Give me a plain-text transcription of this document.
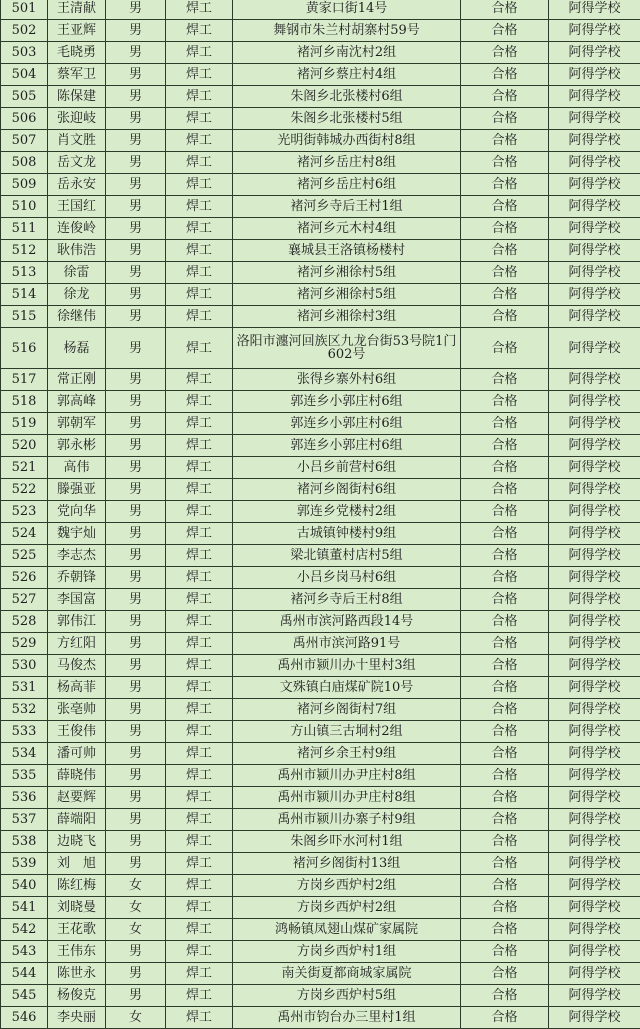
501	王清献	男	焊工	黄家口街14号	合格	阿得学校
502	王亚辉	男	焊工	舞钢市朱兰村胡寨村59号	合格	阿得学校
503	毛晓勇	男	焊工	褚河乡南沈村2组	合格	阿得学校
504	蔡军卫	男	焊工	褚河乡蔡庄村4组	合格	阿得学校
505	陈保建	男	焊工	朱阁乡北张楼村6组	合格	阿得学校
506	张迎岐	男	焊工	朱阁乡北张楼村5组	合格	阿得学校
507	肖文胜	男	焊工	光明街韩城办西街村8组	合格	阿得学校
508	岳文龙	男	焊工	褚河乡岳庄村8组	合格	阿得学校
509	岳永安	男	焊工	褚河乡岳庄村6组	合格	阿得学校
510	王国红	男	焊工	褚河乡寺后王村1组	合格	阿得学校
511	连俊岭	男	焊工	褚河乡元木村4组	合格	阿得学校
512	耿伟浩	男	焊工	襄城县王洛镇杨楼村	合格	阿得学校
513	徐雷	男	焊工	褚河乡湘徐村5组	合格	阿得学校
514	徐龙	男	焊工	褚河乡湘徐村5组	合格	阿得学校
515	徐继伟	男	焊工	褚河乡湘徐村3组	合格	阿得学校
516	杨磊	男	焊工	洛阳市瀍河回族区九龙台街53号院1门602号	合格	阿得学校
517	常正刚	男	焊工	张得乡寨外村6组	合格	阿得学校
518	郭高峰	男	焊工	郭连乡小郭庄村6组	合格	阿得学校
519	郭朝军	男	焊工	郭连乡小郭庄村6组	合格	阿得学校
520	郭永彬	男	焊工	郭连乡小郭庄村6组	合格	阿得学校
521	高伟	男	焊工	小吕乡前营村6组	合格	阿得学校
522	滕强亚	男	焊工	褚河乡阁街村6组	合格	阿得学校
523	党向华	男	焊工	郭连乡党楼村2组	合格	阿得学校
524	魏宇灿	男	焊工	古城镇钟楼村9组	合格	阿得学校
525	李志杰	男	焊工	梁北镇董村店村5组	合格	阿得学校
526	乔朝锋	男	焊工	小吕乡岗马村6组	合格	阿得学校
527	李国富	男	焊工	褚河乡寺后王村8组	合格	阿得学校
528	郭伟江	男	焊工	禹州市滨河路西段14号	合格	阿得学校
529	方红阳	男	焊工	禹州市滨河路91号	合格	阿得学校
530	马俊杰	男	焊工	禹州市颍川办十里村3组	合格	阿得学校
531	杨高菲	男	焊工	文殊镇白庙煤矿院10号	合格	阿得学校
532	张亳帅	男	焊工	褚河乡阁街村7组	合格	阿得学校
533	王俊伟	男	焊工	方山镇三古垌村2组	合格	阿得学校
534	潘可帅	男	焊工	褚河乡余王村9组	合格	阿得学校
535	薛晓伟	男	焊工	禹州市颍川办尹庄村8组	合格	阿得学校
536	赵要辉	男	焊工	禹州市颍川办尹庄村8组	合格	阿得学校
537	薛端阳	男	焊工	禹州市颍川办寨子村9组	合格	阿得学校
538	边晓飞	男	焊工	朱阁乡吓水河村1组	合格	阿得学校
539	刘　旭	男	焊工	褚河乡阁街村13组	合格	阿得学校
540	陈红梅	女	焊工	方岗乡西炉村2组	合格	阿得学校
541	刘晓曼	女	焊工	方岗乡西炉村2组	合格	阿得学校
542	王花歌	女	焊工	鸿畅镇凤翅山煤矿家属院	合格	阿得学校
543	王伟东	男	焊工	方岗乡西炉村1组	合格	阿得学校
544	陈世永	男	焊工	南关街夏都商城家属院	合格	阿得学校
545	杨俊克	男	焊工	方岗乡西炉村5组	合格	阿得学校
546	李央丽	女	焊工	禹州市钧台办三里村1组	合格	阿得学校
